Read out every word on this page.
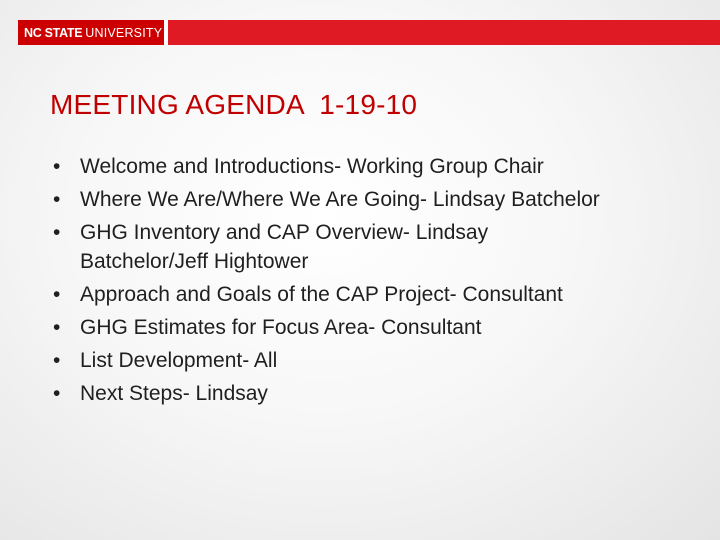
NC STATE UNIVERSITY
MEETING AGENDA  1-19-10
• Welcome and Introductions- Working Group Chair
• Where We Are/Where We Are Going- Lindsay Batchelor
• GHG Inventory and CAP Overview- Lindsay Batchelor/Jeff Hightower
• Approach and Goals of the CAP Project- Consultant
• GHG Estimates for Focus Area- Consultant
• List Development- All
• Next Steps- Lindsay
